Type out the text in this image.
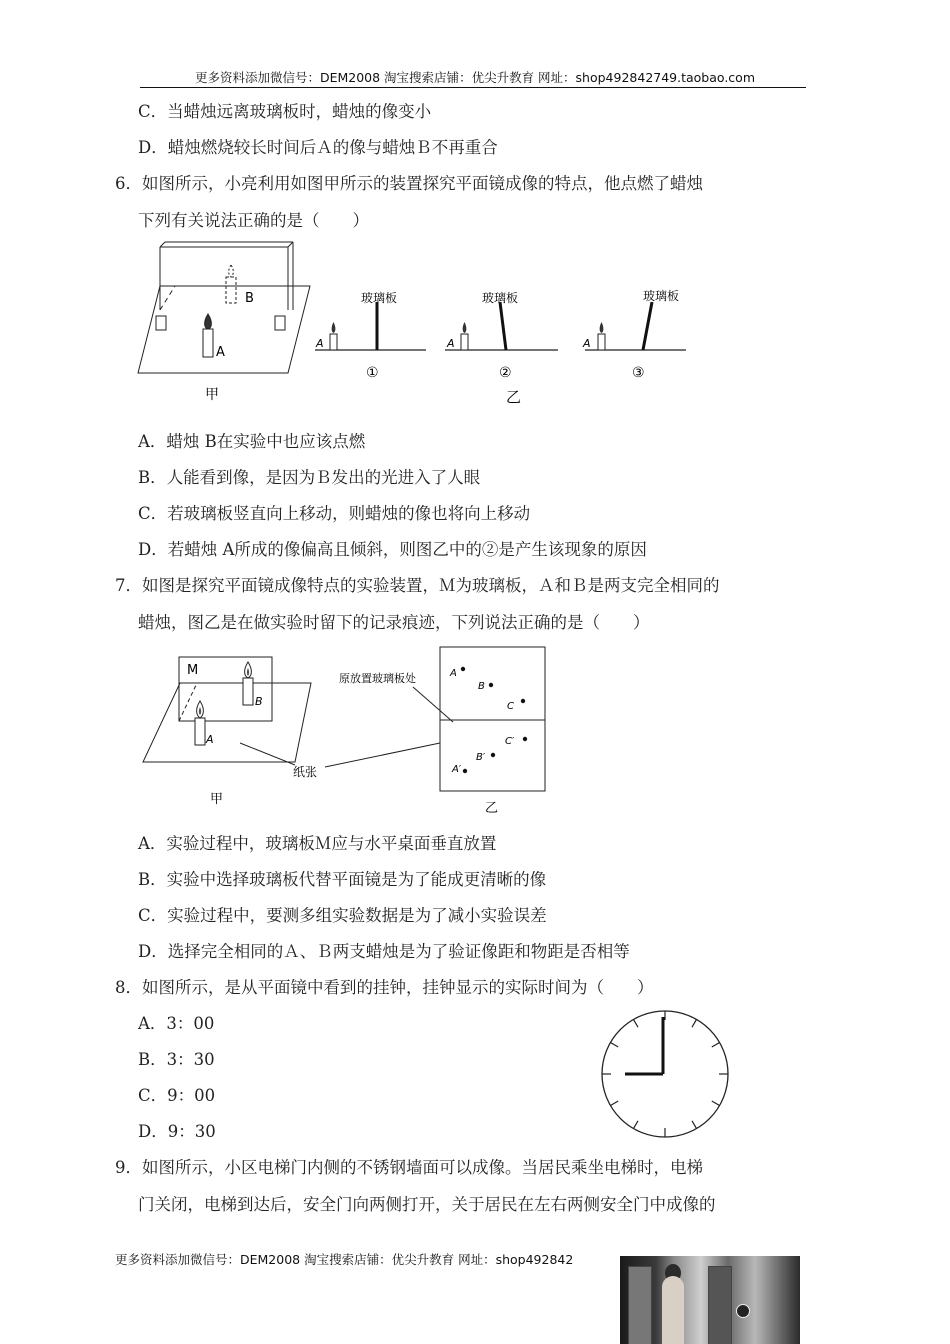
更多资料添加微信号：DEM2008 淘宝搜索店铺：优尖升教育 网址：shop492842749.taobao.com
C．当蜡烛远离玻璃板时，蜡烛的像变小
D．蜡烛燃烧较长时间后Ａ的像与蜡烛Ｂ不再重合
6．如图所示，小亮利用如图甲所示的装置探究平面镜成像的特点，他点燃了蜡烛
下列有关说法正确的是（　　）
B
A
甲
A
玻璃板
①
A
玻璃板
②
乙
A
玻璃板
③
A．蜡烛 B在实验中也应该点燃
B．人能看到像，是因为Ｂ发出的光进入了人眼
C．若玻璃板竖直向上移动，则蜡烛的像也将向上移动
D．若蜡烛 A所成的像偏高且倾斜，则图乙中的②是产生该现象的原因
7．如图是探究平面镜成像特点的实验装置，Ｍ为玻璃板，Ａ和Ｂ是两支完全相同的
蜡烛，图乙是在做实验时留下的记录痕迹，下列说法正确的是（　　）
M
B
A
甲
纸张
原放置玻璃板处	A
B
C
C′
B′
A′
乙
A．实验过程中，玻璃板Ｍ应与水平桌面垂直放置
B．实验中选择玻璃板代替平面镜是为了能成更清晰的像
C．实验过程中，要测多组实验数据是为了减小实验误差
D．选择完全相同的Ａ、Ｂ两支蜡烛是为了验证像距和物距是否相等
8．如图所示，是从平面镜中看到的挂钟，挂钟显示的实际时间为（　　）
A．3：00
B．3：30
C．9：00
D．9：30
9．如图所示，小区电梯门内侧的不锈钢墙面可以成像。当居民乘坐电梯时，电梯
门关闭，电梯到达后，安全门向两侧打开，关于居民在左右两侧安全门中成像的
更多资料添加微信号：DEM2008 淘宝搜索店铺：优尖升教育 网址：shop492842
